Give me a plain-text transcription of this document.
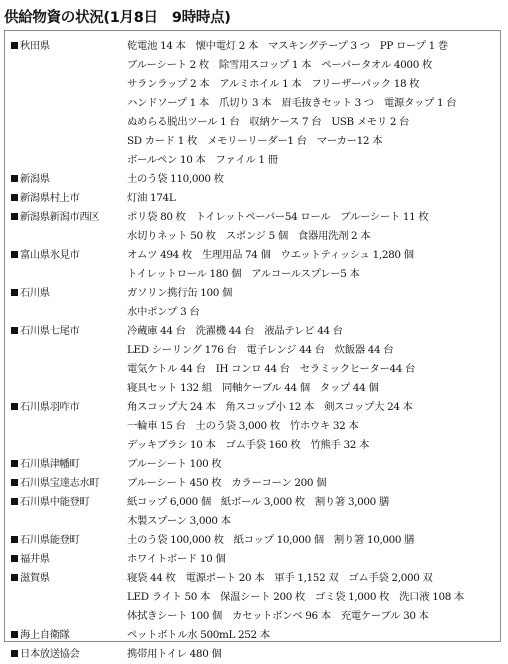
供給物資の状況(1月8日　9時時点)
秋田県	乾電池 14 本　懐中電灯 2 本　マスキングテープ 3 つ　PP ロープ 1 巻
ブルーシート 2 枚　除雪用スコップ 1 本　ペーパータオル 4000 枚
サランラップ 2 本　アルミホイル 1 本　フリーザーパック 18 枚
ハンドソープ 1 本　爪切り 3 本　眉毛抜きセット 3 つ　電源タップ 1 台
ぬめらる脱出ツール 1 台　収納ケース 7 台　USB メモリ 2 台
SD カード 1 枚　メモリーリーダー1 台　マーカー12 本
ボールペン 10 本　ファイル 1 冊
新潟県	土のう袋 110,000 枚
新潟県村上市	灯油 174L
新潟県新潟市西区	ポリ袋 80 枚　トイレットペーパー54 ロール　ブルーシート 11 枚
水切りネット 50 枚　スポンジ 5 個　食器用洗剤 2 本
富山県氷見市	オムツ 494 枚　生理用品 74 個　ウエットティッシュ 1,280 個
トイレットロール 180 個　アルコールスプレー5 本
石川県	ガソリン携行缶 100 個
水中ポンプ 3 台
石川県七尾市	冷蔵庫 44 台　洗濯機 44 台　液晶テレビ 44 台
LED シーリング 176 台　電子レンジ 44 台　炊飯器 44 台
電気ケトル 44 台　IH コンロ 44 台　セラミックヒーター44 台
寝具セット 132 組　同軸ケーブル 44 個　タップ 44 個
石川県羽咋市	角スコップ大 24 本　角スコップ小 12 本　剣スコップ大 24 本
一輪車 15 台　土のう袋 3,000 枚　竹ホウキ 32 本
デッキブラシ 10 本　ゴム手袋 160 枚　竹熊手 32 本
石川県津幡町	ブルーシート 100 枚
石川県宝達志水町	ブルーシート 450 枚　カラーコーン 200 個
石川県中能登町	紙コップ 6,000 個　紙ボール 3,000 枚　割り箸 3,000 膳
木製スプーン 3,000 本
石川県能登町	土のう袋 100,000 枚　紙コップ 10,000 個　割り箸 10,000 膳
福井県	ホワイトボード 10 個
滋賀県	寝袋 44 枚　電源ポート 20 本　軍手 1,152 双　ゴム手袋 2,000 双
LED ライト 50 本　保温シート 200 枚　ゴミ袋 1,000 枚　洗口液 108 本
体拭きシート 100 個　カセットボンベ 96 本　充電ケーブル 30 本
海上自衛隊	ペットボトル水 500mL 252 本
日本放送協会	携帯用トイレ 480 個
